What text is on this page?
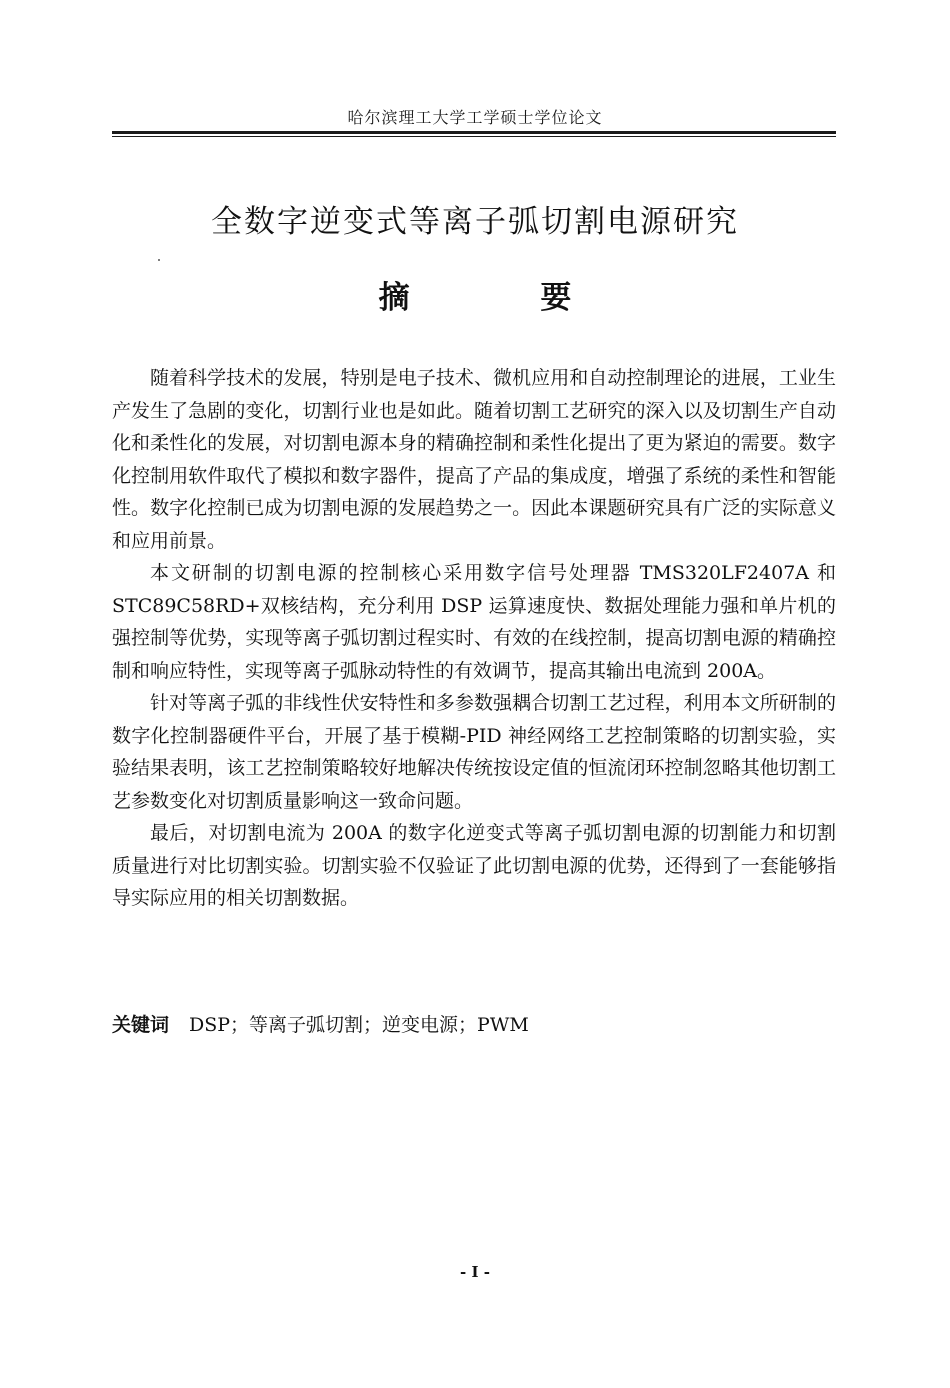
哈尔滨理工大学工学硕士学位论文
全数字逆变式等离子弧切割电源研究
摘 要

随着科学技术的发展，特别是电子技术、微机应用和自动控制理论的进展，工业生产发生了急剧的变化，切割行业也是如此。随着切割工艺研究的深入以及切割生产自动化和柔性化的发展，对切割电源本身的精确控制和柔性化提出了更为紧迫的需要。数字化控制用软件取代了模拟和数字器件，提高了产品的集成度，增强了系统的柔性和智能性。数字化控制已成为切割电源的发展趋势之一。因此本课题研究具有广泛的实际意义和应用前景。

本文研制的切割电源的控制核心采用数字信号处理器 TMS320LF2407A 和 STC89C58RD+双核结构，充分利用 DSP 运算速度快、数据处理能力强和单片机的强控制等优势，实现等离子弧切割过程实时、有效的在线控制，提高切割电源的精确控制和响应特性，实现等离子弧脉动特性的有效调节，提高其输出电流到 200A。

针对等离子弧的非线性伏安特性和多参数强耦合切割工艺过程，利用本文所研制的数字化控制器硬件平台，开展了基于模糊-PID 神经网络工艺控制策略的切割实验，实验结果表明，该工艺控制策略较好地解决传统按设定值的恒流闭环控制忽略其他切割工艺参数变化对切割质量影响这一致命问题。

最后，对切割电流为 200A 的数字化逆变式等离子弧切割电源的切割能力和切割质量进行对比切割实验。切割实验不仅验证了此切割电源的优势，还得到了一套能够指导实际应用的相关切割数据。

关键词 DSP；等离子弧切割；逆变电源；PWM
- I -
